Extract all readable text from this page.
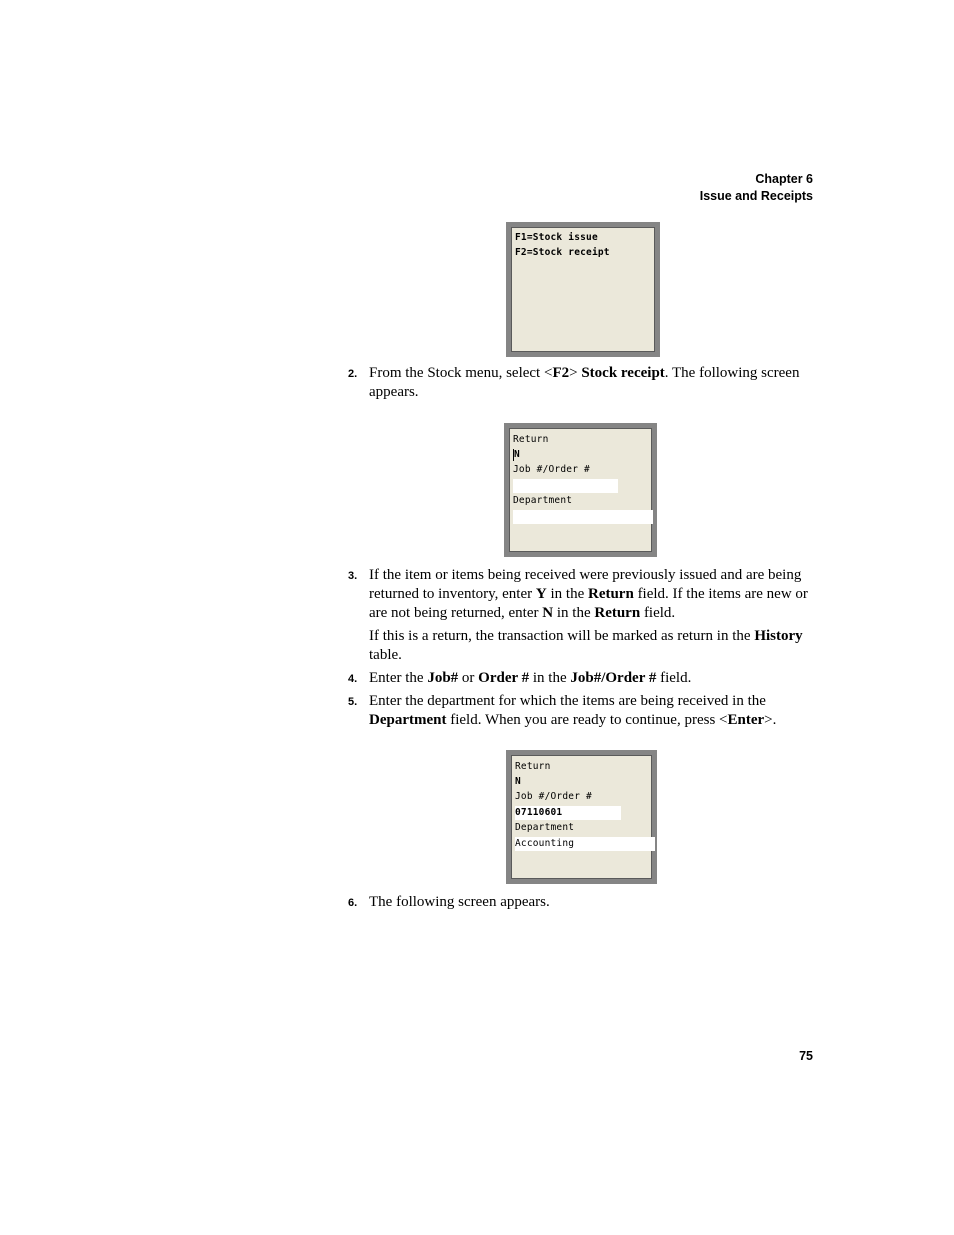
Chapter 6
Issue and Receipts
F1=Stock issue
F2=Stock receipt
2. From the Stock menu, select <F2> Stock receipt. The following screen appears.
Return
N
Job #/Order #
Department
3. If the item or items being received were previously issued and are being returned to inventory, enter Y in the Return field. If the items are new or are not being returned, enter N in the Return field.
If this is a return, the transaction will be marked as return in the History table.
4. Enter the Job# or Order # in the Job#/Order # field.
5. Enter the department for which the items are being received in the Department field. When you are ready to continue, press <Enter>.
Return
N
Job #/Order #
07110601
Department
Accounting
6. The following screen appears.
75
